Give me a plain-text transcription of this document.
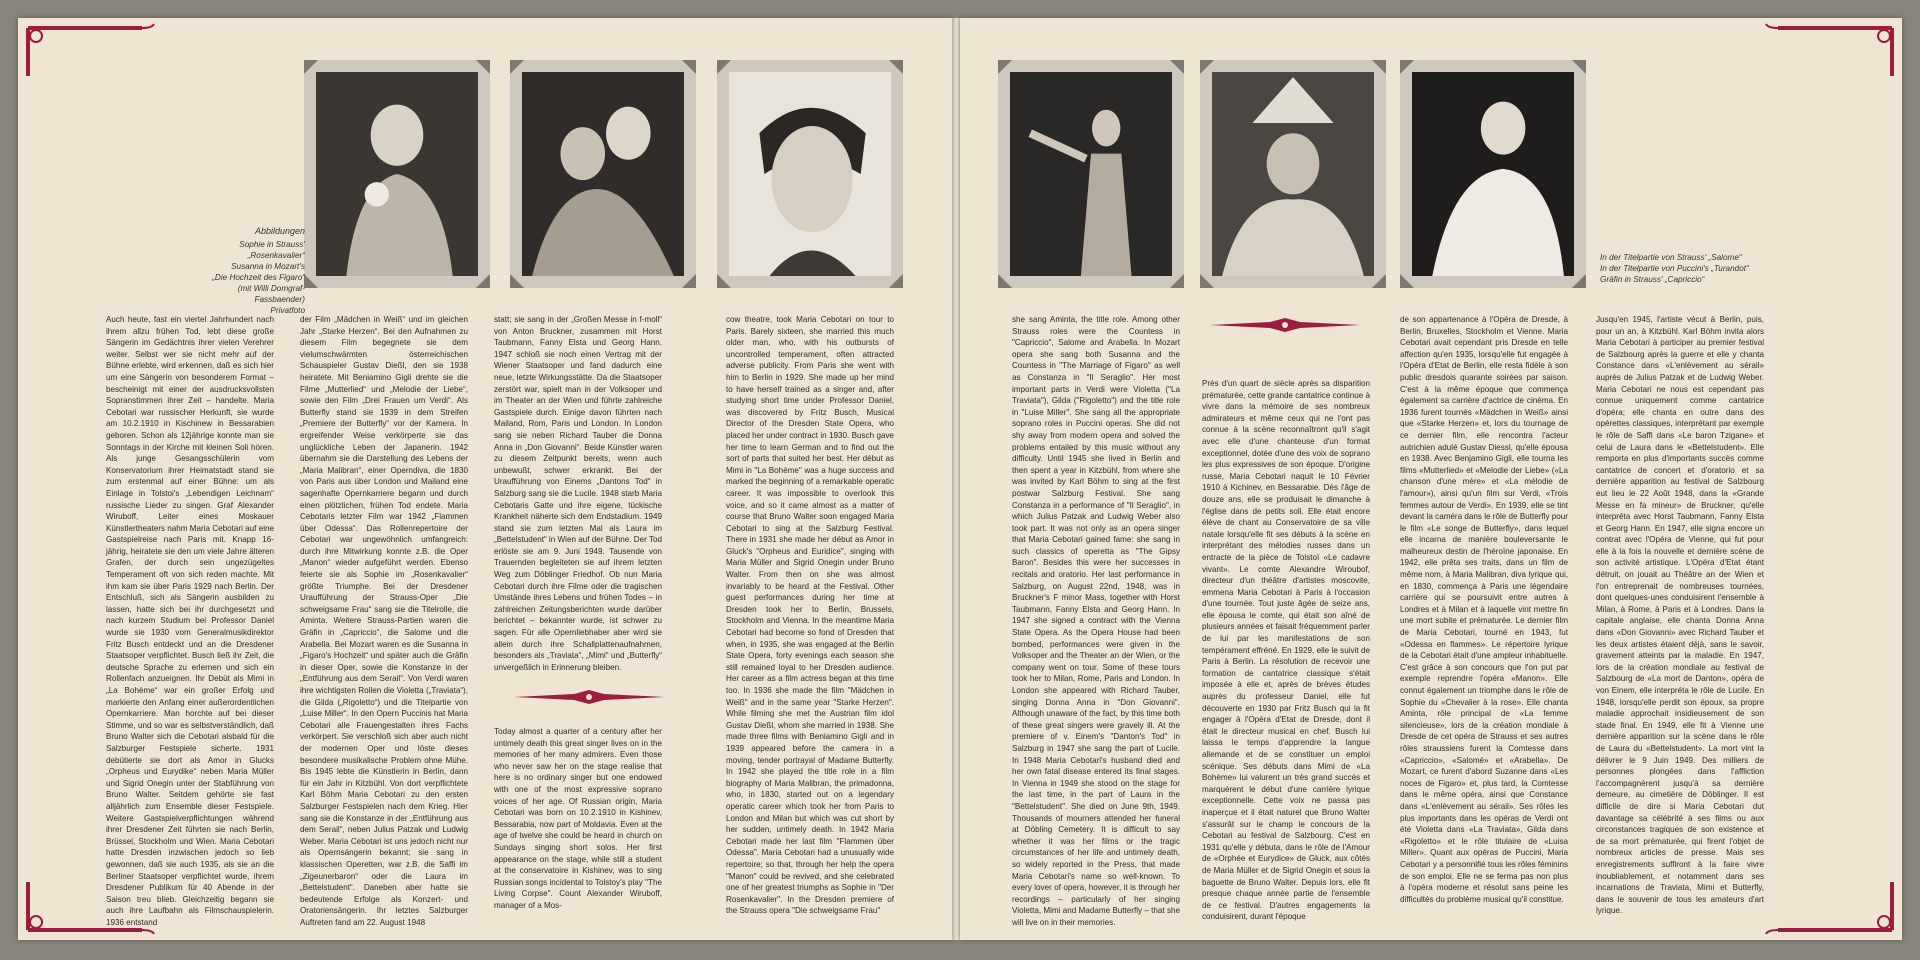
Abbildungen
Sophie in Strauss' „Rosenkavalier“
Susanna in Mozart's
„Die Hochzeit des Figaro“
(mit Willi Domgraf-Fassbaender)
Privatfoto

Auch heute, fast ein viertel Jahrhundert nach ihrem allzu frühen Tod, lebt diese große Sängerin im Gedächtnis ihrer vielen Verehrer weiter. Selbst wer sie nicht mehr auf der Bühne erlebte, wird erkennen, daß es sich hier um eine Sängerin von besonderem Format – bescheinigt mit einer der ausdrucksvollsten Sopranstimmen ihrer Zeit – handelte. Maria Cebotari war russischer Herkunft, sie wurde am 10.2.1910 in Kischinew in Bessarabien geboren. Schon als 12jährige konnte man sie Sonntags in der Kirche mit kleinen Soli hören. Als junge Gesangsschülerin vom Konservatorium ihrer Heimatstadt stand sie zum erstenmal auf einer Bühne: um als Einlage in Tolstoi's „Lebendigen Leichnam“ russische Lieder zu singen. Graf Alexander Wiruboff, Leiter eines Moskauer Künstlertheaters nahm Maria Cebotari auf eine Gastspielreise nach Paris mit. Knapp 16-jährig, heiratete sie den um viele Jahre älteren Grafen, der durch sein ungezügeltes Temperament oft von sich reden machte. Mit ihm kam sie über Paris 1929 nach Berlin. Der Entschluß, sich als Sängerin ausbilden zu lassen, hatte sich bei ihr durchgesetzt und nach kurzem Studium bei Professor Daniel wurde sie 1930 vom Generalmusikdirektor Fritz Busch entdeckt und an die Dresdener Staatsoper verpflichtet. Busch ließ ihr Zeit, die deutsche Sprache zu erlernen und sich ein Rollenfach anzueignen. Ihr Debüt als Mimi in „La Bohème“ war ein großer Erfolg und markierte den Anfang einer außerordentlichen Opernkarriere. Man horchte auf bei dieser Stimme, und so war es selbstverständlich, daß Bruno Walter sich die Cebotari alsbald für die Salzburger Festspiele sicherte. 1931 debütierte sie dort als Amor in Glucks „Orpheus und Eurydike“ neben Maria Müller und Sigrid Onegin unter der Stabführung von Bruno Walter. Seitdem gehörte sie fast alljährlich zum Ensemble dieser Festspiele. Weitere Gastspielverpflichtungen während ihrer Dresdener Zeit führten sie nach Berlin, Brüssel, Stockholm und Wien. Maria Cebotari hatte Dresden inzwischen jedoch so lieb gewonnen, daß sie auch 1935, als sie an die Berliner Staatsoper verpflichtet wurde, ihrem Dresdener Publikum für 40 Abende in der Saison treu blieb. Gleichzeitig begann sie auch ihre Laufbahn als Filmschauspielerin. 1936 entstand

der Film „Mädchen in Weiß“ und im gleichen Jahr „Starke Herzen“. Bei den Aufnahmen zu diesem Film begegnete sie dem vielumschwärmten österreichischen Schauspieler Gustav Dießl, den sie 1938 heiratete. Mit Beniamino Gigli drehte sie die Filme „Mutterlied“ und „Melodie der Liebe“, sowie den Film „Drei Frauen um Verdi“. Als Butterfly stand sie 1939 in dem Streifen „Premiere der Butterfly“ vor der Kamera. In ergreifender Weise verkörperte sie das unglückliche Leben der Japanerin. 1942 übernahm sie die Darstellung des Lebens der „Maria Malibran“, einer Operndiva, die 1830 von Paris aus über London und Mailand eine sagenhafte Opernkarriere begann und durch einen plötzlichen, frühen Tod endete. Maria Cebotaris letzter Film war 1942 „Flammen über Odessa“. Das Rollenrepertoire der Cebotari war ungewöhnlich umfangreich: durch ihre Mitwirkung konnte z.B. die Oper „Manon“ wieder aufgeführt werden. Ebenso feierte sie als Sophie im „Rosenkavalier“ größte Triumphe. Bei der Dresdener Uraufführung der Strauss-Oper „Die schweigsame Frau“ sang sie die Titelrolle, die Aminta. Weitere Strauss-Partien waren die Gräfin in „Capriccio“, die Salome und die Arabella. Bei Mozart waren es die Susanna in „Figaro's Hochzeit“ und später auch die Gräfin in dieser Oper, sowie die Konstanze in der „Entführung aus dem Serail“. Von Verdi waren ihre wichtigsten Rollen die Violetta („Traviata“), die Gilda („Rigoletto“) und die Titelpartie von „Luise Miller“. In den Opern Puccinis hat Maria Cebotari alle Frauengestalten ihres Fachs verkörpert. Sie verschloß sich aber auch nicht der modernen Oper und löste dieses besondere musikalische Problem ohne Mühe. Bis 1945 lebte die Künstlerin in Berlin, dann für ein Jahr in Kitzbühl. Von dort verpflichtete Karl Böhm Maria Cebotari zu den ersten Salzburger Festspielen nach dem Krieg. Hier sang sie die Konstanze in der „Entführung aus dem Serail“, neben Julius Patzak und Ludwig Weber. Maria Cebotari ist uns jedoch nicht nur als Opernsängerin bekannt; sie sang in klassischen Operetten, war z.B. die Saffi im „Zigeunerbaron“ oder die Laura im „Bettelstudent“. Daneben aber hatte sie bedeutende Erfolge als Konzert- und Oratoriensängerin. Ihr letztes Salzburger Auftreten fand am 22. August 1948

statt; sie sang in der „Großen Messe in f-moll“ von Anton Bruckner, zusammen mit Horst Taubmann, Fanny Elsta und Georg Hann. 1947 schloß sie noch einen Vertrag mit der Wiener Staatsoper und fand dadurch eine neue, letzte Wirkungsstätte. Da die Staatsoper zerstört war, spielt man in der Volksoper und im Theater an der Wien und führte zahlreiche Gastspiele durch. Einige davon führten nach Mailand, Rom, Paris und London. In London sang sie neben Richard Tauber die Donna Anna in „Don Giovanni“. Beide Künstler waren zu diesem Zeitpunkt bereits, wenn auch unbewußt, schwer erkrankt. Bei der Uraufführung von Einems „Dantons Tod“ in Salzburg sang sie die Lucile. 1948 starb Maria Cebotaris Gatte und ihre eigene, tückische Krankheit näherte sich dem Endstadium. 1949 stand sie zum letzten Mal als Laura im „Bettelstudent“ in Wien auf der Bühne. Der Tod erlöste sie am 9. Juni 1949. Tausende von Trauernden begleiteten sie auf ihrem letzten Weg zum Döblinger Friedhof. Ob nun Maria Cebotari durch ihre Filme oder die tragischen Umstände ihres Lebens und frühen Todes – in zahlreichen Zeitungsberichten wurde darüber berichtet – bekannter wurde, ist schwer zu sagen. Für alle Opernliebhaber aber wird sie allein durch ihre Schallplattenaufnahmen, besonders als „Traviata“, „Mimi“ und „Butterfly“ unvergeßlich in Erinnerung bleiben.

Today almost a quarter of a century after her untimely death this great singer lives on in the memories of her many admirers. Even those who never saw her on the stage realise that here is no ordinary singer but one endowed with one of the most expressive soprano voices of her age. Of Russian origin, Maria Cebotari was born on 10.2.1910 in Kishinev, Bessarabia, now part of Moldavia. Even at the age of twelve she could be heard in church on Sundays singing short solos. Her first appearance on the stage, while still a student at the conservatoire in Kishinev, was to sing Russian songs incidental to Tolstoy's play "The Living Corpse". Count Alexander Wiruboff, manager of a Mos-

cow theatre, took Maria Cebotari on tour to Paris. Barely sixteen, she married this much older man, who, with his outbursts of uncontrolled temperament, often attracted adverse publicity. From Paris she went with him to Berlin in 1929. She made up her mind to have herself trained as a singer and, after studying short time under Professor Daniel, was discovered by Fritz Busch, Musical Director of the Dresden State Opera, who placed her under contract in 1930. Busch gave her time to learn German and to find out the sort of parts that suited her best. Her début as Mimi in "La Bohème" was a huge success and marked the beginning of a remarkable operatic career. It was impossible to overlook this voice, and so it came almost as a matter of course that Bruno Walter soon engaged Maria Cebotari to sing at the Salzburg Festival. There in 1931 she made her début as Amor in Gluck's "Orpheus and Euridice", singing with Maria Müller and Sigrid Onegin under Bruno Walter. From then on she was almost invariably to be heard at the Festival. Other guest performances during her time at Dresden took her to Berlin, Brussels, Stockholm and Vienna. In the meantime Maria Cebotari had become so fond of Dresden that when, in 1935, she was engaged at the Berlin State Opera, forty evenings each season she still remained loyal to her Dresden audience. Her career as a film actress began at this time too. In 1936 she made the film "Mädchen in Weiß" and in the same year "Starke Herzen". While filming she met the Austrian film idol Gustav Dießl, whom she married in 1938. She made three films with Beniamino Gigli and in 1939 appeared before the camera in a moving, tender portrayal of Madame Butterfly. In 1942 she played the title role in a film biography of Maria Malibran, the primadonna, who, in 1830, started out on a legendary operatic career which took her from Paris to London and Milan but which was cut short by her sudden, untimely death. In 1942 Maria Cebotari made her last film "Flammen über Odessa". Maria Cebotari had a unusually wide repertoire; so that, through her help the opera "Manon" could be revived, and she celebrated one of her greatest triumphs as Sophie in "Der Rosenkavalier". In the Dresden premiere of the Strauss opera "Die schweigsame Frau"

In der Titelpartie von Strauss' „Salome“
In der Titelpartie von Puccini's „Turandot“
Gräfin in Strauss' „Capriccio“

she sang Aminta, the title role. Among other Strauss roles were the Countess in "Capriccio", Salome and Arabella. In Mozart opera she sang both Susanna and the Countess in "The Marriage of Figaro" as well as Constanza in "Il Seraglio". Her most important parts in Verdi were Violetta ("La Traviata"), Gilda ("Rigoletto") and the title role in "Luise Miller". She sang all the appropriate soprano roles in Puccini operas. She did not shy away from modern opera and solved the problems entailed by this music without any difficulty. Until 1945 she lived in Berlin and then spent a year in Kitzbühl, from where she was invited by Karl Böhm to sing at the first postwar Salzburg Festival. She sang Constanza in a performance of "Il Seraglio", in which Julius Patzak and Ludwig Weber also took part. It was not only as an opera singer that Maria Cebotari gained fame: she sang in such classics of operetta as "The Gipsy Baron". Besides this were her successes in recitals and oratorio. Her last performance in Salzburg, on August 22nd, 1948, was in Bruckner's F minor Mass, together with Horst Taubmann, Fanny Elsta and Georg Hann. In 1947 she signed a contract with the Vienna State Opera. As the Opera House had been bombed, performances were given in the Volksoper and the Theater an der Wien, or the company went on tour. Some of these tours took her to Milan, Rome, Paris and London. In London she appeared with Richard Tauber, singing Donna Anna in "Don Giovanni". Although unaware of the fact, by this time both of these great singers were gravely ill. At the premiere of v. Einem's "Danton's Tod" in Salzburg in 1947 she sang the part of Lucile. In 1948 Maria Cebotari's husband died and her own fatal disease entered its final stages. In Vienna in 1949 she stood on the stage for the last time, in the part of Laura in the "Bettelstudent". She died on June 9th, 1949. Thousands of mourners attended her funeral at Döbling Cemetery. It is difficult to say whether it was her films or the tragic circumstances of her life and untimely death, so widely reported in the Press, that made Maria Cebotari's name so well-known. To every lover of opera, however, it is through her recordings – particularly of her singing Violetta, Mimi and Madame Butterfly – that she will live on in their memories.

Près d'un quart de siècle après sa disparition prématurée, cette grande cantatrice continue à vivre dans la mémoire de ses nombreux admirateurs et même ceux qui ne l'ont pas connue à la scène reconnaîtront qu'il s'agit avec elle d'une chanteuse d'un format exceptionnel, dotée d'une des voix de soprano les plus expressives de son époque. D'origine russe, Maria Cebotari naquit le 10 Février 1910 à Kichinev, en Bessarabie. Dès l'âge de douze ans, elle se produisait le dimanche à l'église dans de petits soli. Elle était encore élève de chant au Conservatoire de sa ville natale lorsqu'elle fit ses débuts à la scène en interprétant des mélodies russes dans un entracte de la pièce de Tolstoï «Le cadavre vivant». Le comte Alexandre Wiroubof, directeur d'un théâtre d'artistes moscovite, emmena Maria Cebotari à Paris à l'occasion d'une tournée. Tout juste âgée de seize ans, elle épousa le comte, qui était son aîné de plusieurs années et faisait fréquemment parler de lui par les manifestations de son tempérament effréné. En 1929, elle le suivit de Paris à Berlin. La résolution de recevoir une formation de cantatrice classique s'était imposée à elle et, après de brèves études auprès du professeur Daniel, elle fut découverte en 1930 par Fritz Busch qui la fit engager à l'Opéra d'Etat de Dresde, dont il était le directeur musical en chef. Busch lui laissa le temps d'apprendre la langue allemande et de se constituer un emploi scénique. Ses débuts dans Mimi de «La Bohème» lui valurent un très grand succès et marquèrent le début d'une carrière lyrique exceptionnelle. Cette voix ne passa pas inaperçue et il était naturel que Bruno Walter s'assurât sur le champ le concours de la Cebotari au festival de Salzbourg. C'est en 1931 qu'elle y débuta, dans le rôle de l'Amour de «Orphée et Eurydice» de Gluck, aux côtés de Maria Müller et de Sigrid Onegin et sous la baguette de Bruno Walter. Depuis lors, elle fit presque chaque année partie de l'ensemble de ce festival. D'autres engagements la conduisirent, durant l'époque

de son appartenance à l'Opéra de Dresde, à Berlin, Bruxelles, Stockholm et Vienne. Maria Cebotari avait cependant pris Dresde en telle affection qu'en 1935, lorsqu'elle fut engagée à l'Opéra d'Etat de Berlin, elle resta fidèle à son public dresdois quarante soirées par saison. C'est à la même époque que commença également sa carrière d'actrice de cinéma. En 1936 furent tournés «Mädchen in Weiß» ainsi que «Starke Herzen» et, lors du tournage de ce dernier film, elle rencontra l'acteur autrichien adulé Gustav Diessl, qu'elle épousa en 1938. Avec Benjamino Gigli, elle tourna les films «Mutterlied» et «Melodie der Liebe» («La chanson d'une mère» et «La mélodie de l'amour»), ainsi qu'un film sur Verdi, «Trois femmes autour de Verdi». En 1939, elle se tint devant la caméra dans le rôle de Butterfly pour le film «Le songe de Butterfly», dans lequel elle incarna de manière bouleversante le malheureux destin de l'héroïne japonaise. En 1942, elle prêta ses traits, dans un film de même nom, à Maria Malibran, diva lyrique qui, en 1830, commença à Paris une légendaire carrière qui se poursuivit entre autres à Londres et à Milan et à laquelle vint mettre fin une mort subite et prématurée. Le dernier film de Maria Cebotari, tourné en 1943, fut «Odessa en flammes». Le répertoire lyrique de la Cebotari était d'une ampleur inhabituelle. C'est grâce à son concours que l'on put par exemple reprendre l'opéra «Manon». Elle connut également un triomphe dans le rôle de Sophie du «Chevalier à la rose». Elle chanta Aminta, rôle principal de «La femme silencieuse», lors de la création mondiale à Dresde de cet opéra de Strauss et ses autres rôles straussiens furent la Comtesse dans «Capriccio», «Salomé» et «Arabella». De Mozart, ce furent d'abord Suzanne dans «Les noces de Figaro» et, plus tard, la Comtesse dans le même opéra, ainsi que Constance dans «L'enlèvement au sérail». Ses rôles les plus importants dans les opéras de Verdi ont été Violetta dans «La Traviata», Gilda dans «Rigoletto» et le rôle titulaire de «Luisa Miller». Quant aux opéras de Puccini, Maria Cebotari y a personnifié tous les rôles féminins de son emploi. Elle ne se ferma pas non plus à l'opéra moderne et résolut sans peine les difficultés du problème musical qu'il constitue.

Jusqu'en 1945, l'artiste vécut à Berlin, puis, pour un an, à Kitzbühl. Karl Böhm invita alors Maria Cebotari à participer au premier festival de Salzbourg après la guerre et elle y chanta Constance dans «L'enlèvement au sérail» auprès de Julius Patzak et de Ludwig Weber. Maria Cebotari ne nous est cependant pas connue uniquement comme cantatrice d'opéra; elle chanta en outre dans des opérettes classiques, interprétant par exemple le rôle de Saffi dans «Le baron Tzigane» et celui de Laura dans le «Bettelstudent». Elle remporta en plus d'importants succès comme cantatrice de concert et d'oratorio et sa dernière apparition au festival de Salzbourg eut lieu le 22 Août 1948, dans la «Grande Messe en fa mineur» de Bruckner, qu'elle interpréta avec Horst Taubmann, Fanny Elsta et Georg Hann. En 1947, elle signa encore un contrat avec l'Opéra de Vienne, qui fut pour elle à la fois la nouvelle et dernière scène de son activité artistique. L'Opéra d'Etat étant détruit, on jouait au Théâtre an der Wien et l'on entreprenait de nombreuses tournées, dont quelques-unes conduisirent l'ensemble à Milan, à Rome, à Paris et à Londres. Dans la capitale anglaise, elle chanta Donna Anna dans «Don Giovanni» avec Richard Tauber et les deux artistes étaient déjà, sans le savoir, gravement atteints par la maladie. En 1947, lors de la création mondiale au festival de Salzbourg de «La mort de Danton», opéra de von Einem, elle interpréta le rôle de Lucile. En 1948, lorsqu'elle perdit son époux, sa propre maladie approchait insidieusement de son stade final. En 1949, elle fit à Vienne une dernière apparition sur la scène dans le rôle de Laura du «Bettelstudent». La mort vint la délivrer le 9 Juin 1949. Des milliers de personnes plongées dans l'affliction l'accompagnèrent jusqu'à sa dernière demeure, au cimetière de Döblinger. Il est difficile de dire si Maria Cebotari dut davantage sa célébrité à ses films ou aux circonstances tragiques de son existence et de sa mort prématurée, qui firent l'objet de nombreux articles de presse. Mais ses enregistrements suffiront à la faire vivre inoubliablement, et notamment dans ses incarnations de Traviata, Mimi et Butterfly, dans le souvenir de tous les amateurs d'art lyrique.
